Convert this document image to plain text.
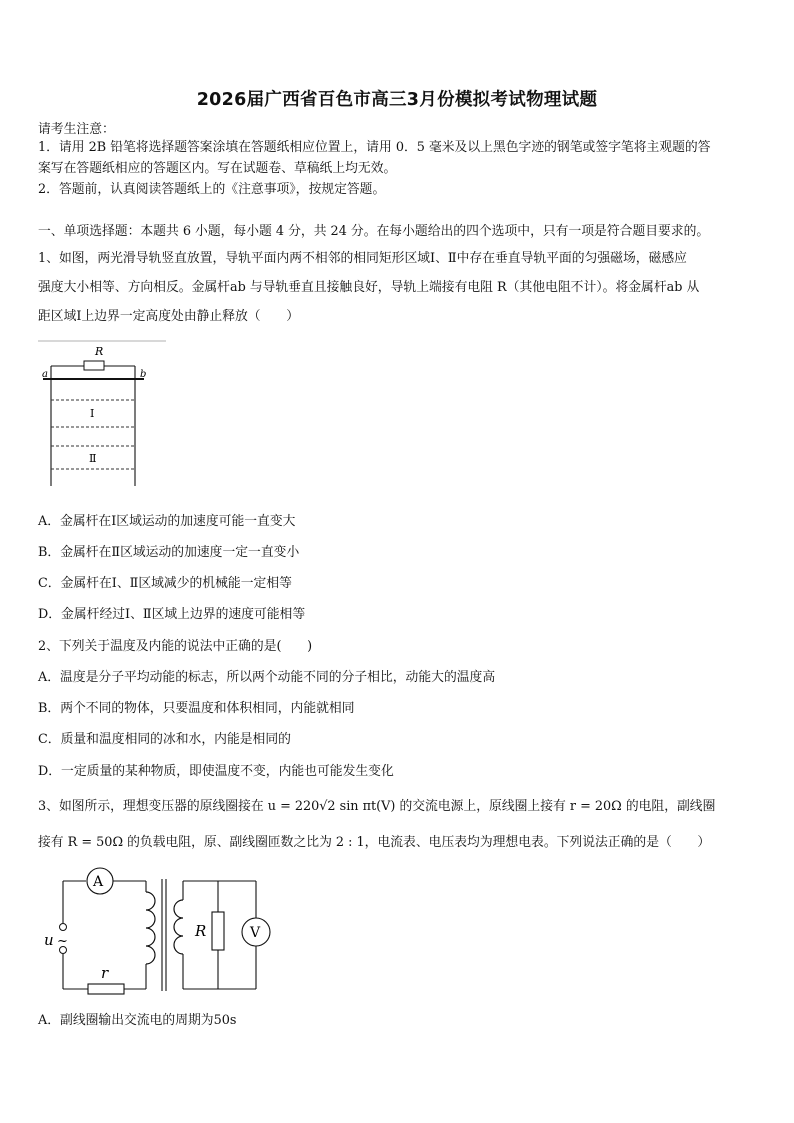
2026届广西省百色市高三3月份模拟考试物理试题
请考生注意：
1．请用 2B 铅笔将选择题答案涂填在答题纸相应位置上，请用 0．5 毫米及以上黑色字迹的钢笔或签字笔将主观题的答
案写在答题纸相应的答题区内。写在试题卷、草稿纸上均无效。
2．答题前，认真阅读答题纸上的《注意事项》，按规定答题。
一、单项选择题：本题共 6 小题，每小题 4 分，共 24 分。在每小题给出的四个选项中，只有一项是符合题目要求的。
1、如图，两光滑导轨竖直放置，导轨平面内两不相邻的相同矩形区域Ⅰ、Ⅱ中存在垂直导轨平面的匀强磁场，磁感应
强度大小相等、方向相反。金属杆ab 与导轨垂直且接触良好，导轨上端接有电阻 R（其他电阻不计）。将金属杆ab 从
距区域Ⅰ上边界一定高度处由静止释放（　　）
R
a	b
Ⅰ
Ⅱ
A．金属杆在Ⅰ区域运动的加速度可能一直变大
B．金属杆在Ⅱ区域运动的加速度一定一直变小
C．金属杆在Ⅰ、Ⅱ区域减少的机械能一定相等
D．金属杆经过Ⅰ、Ⅱ区域上边界的速度可能相等
2、下列关于温度及内能的说法中正确的是(　　)
A．温度是分子平均动能的标志，所以两个动能不同的分子相比，动能大的温度高
B．两个不同的物体，只要温度和体积相同，内能就相同
C．质量和温度相同的冰和水，内能是相同的
D．一定质量的某种物质，即使温度不变，内能也可能发生变化
3、如图所示，理想变压器的原线圈接在 u = 220√2 sin πt(V) 的交流电源上，原线圈上接有 r = 20Ω 的电阻，副线圈
接有 R = 50Ω 的负载电阻，原、副线圈匝数之比为 2 : 1，电流表、电压表均为理想电表。下列说法正确的是（　　）
A
u ~
r
R	V
A．副线圈输出交流电的周期为50s
